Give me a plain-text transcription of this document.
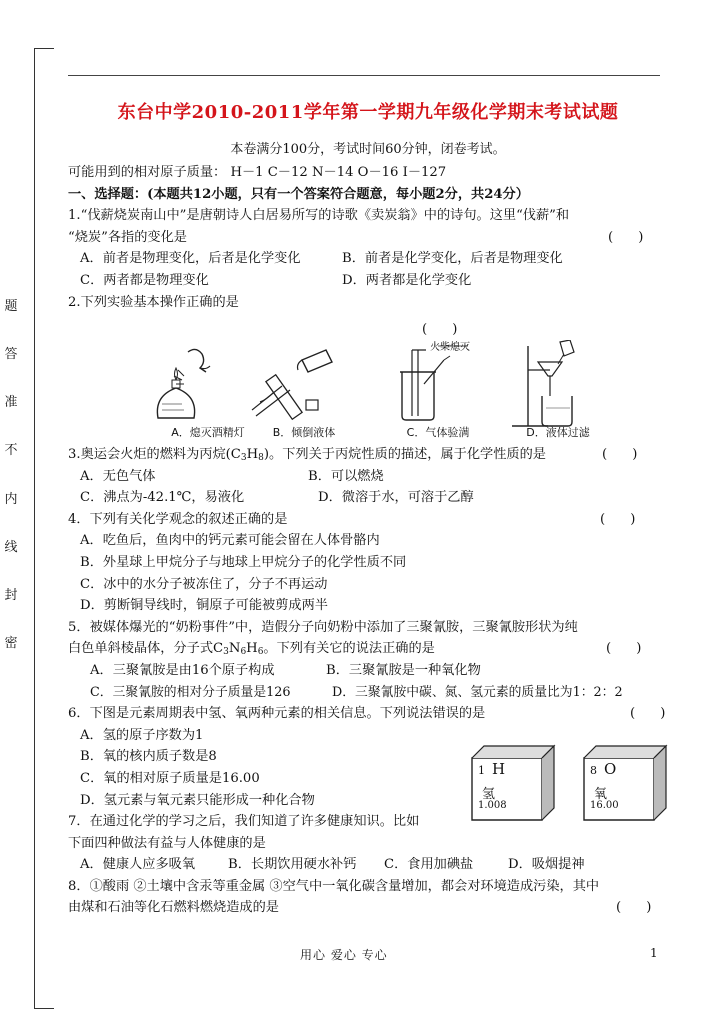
题
答
准
不
内
线
封
密
东台中学2010-2011学年第一学期九年级化学期末考试试题
本卷满分100分，考试时间60分钟，闭卷考试。
可能用到的相对原子质量： H－1 C－12 N－14 O－16 I－127
一、选择题：(本题共12小题，只有一个答案符合题意，每小题2分，共24分）
1.“伐薪烧炭南山中”是唐朝诗人白居易所写的诗歌《卖炭翁》中的诗句。这里“伐薪”和
“烧炭”各指的变化是	(      )
A．前者是物理变化，后者是化学变化	B．前者是化学变化，后者是物理变化
C．两者都是物理变化	D．两者都是化学变化
2.下列实验基本操作正确的是
(      )
A．熄灭酒精灯	B．倾倒液体
火柴熄灭
C．气体验满	D．液体过滤
3.奥运会火炬的燃料为丙烷$(C_3H_8)$。下列关于丙烷性质的描述，属于化学性质的是	(      )
A．无色气体	B．可以燃烧
C．沸点为-42.1℃，易液化	D．微溶于水，可溶于乙醇
4．下列有关化学观念的叙述正确的是	(      )
A．吃鱼后，鱼肉中的钙元素可能会留在人体骨骼内
B．外星球上甲烷分子与地球上甲烷分子的化学性质不同
C．冰中的水分子被冻住了，分子不再运动
D．剪断铜导线时，铜原子可能被剪成两半
5．被媒体爆光的“奶粉事件”中，造假分子向奶粉中添加了三聚氰胺，三聚氰胺形状为纯
白色单斜棱晶体，分子式$C_3N_6H_6$。下列有关它的说法正确的是	(      )
A．三聚氰胺是由16个原子构成	B．三聚氰胺是一种氧化物
C．三聚氰胺的相对分子质量是126	D．三聚氰胺中碳、氮、氢元素的质量比为1：2：2
6．下图是元素周期表中氢、氧两种元素的相关信息。下列说法错误的是	(      )
A．氢的原子序数为1
B．氧的核内质子数是8
C．氧的相对原子质量是16.00
D．氢元素与氧元素只能形成一种化合物
7．在通过化学的学习之后，我们知道了许多健康知识。比如
下面四种做法有益与人体健康的是
A．健康人应多吸氧 B．长期饮用硬水补钙 C．食用加碘盐	D．吸烟提神
8．①酸雨 ②土壤中含汞等重金属 ③空气中一氧化碳含量增加，都会对环境造成污染，其中
由煤和石油等化石燃料燃烧造成的是	(      )
1 H
氢
1.008
8 O
氧
16.00
用心 爱心 专心	1
